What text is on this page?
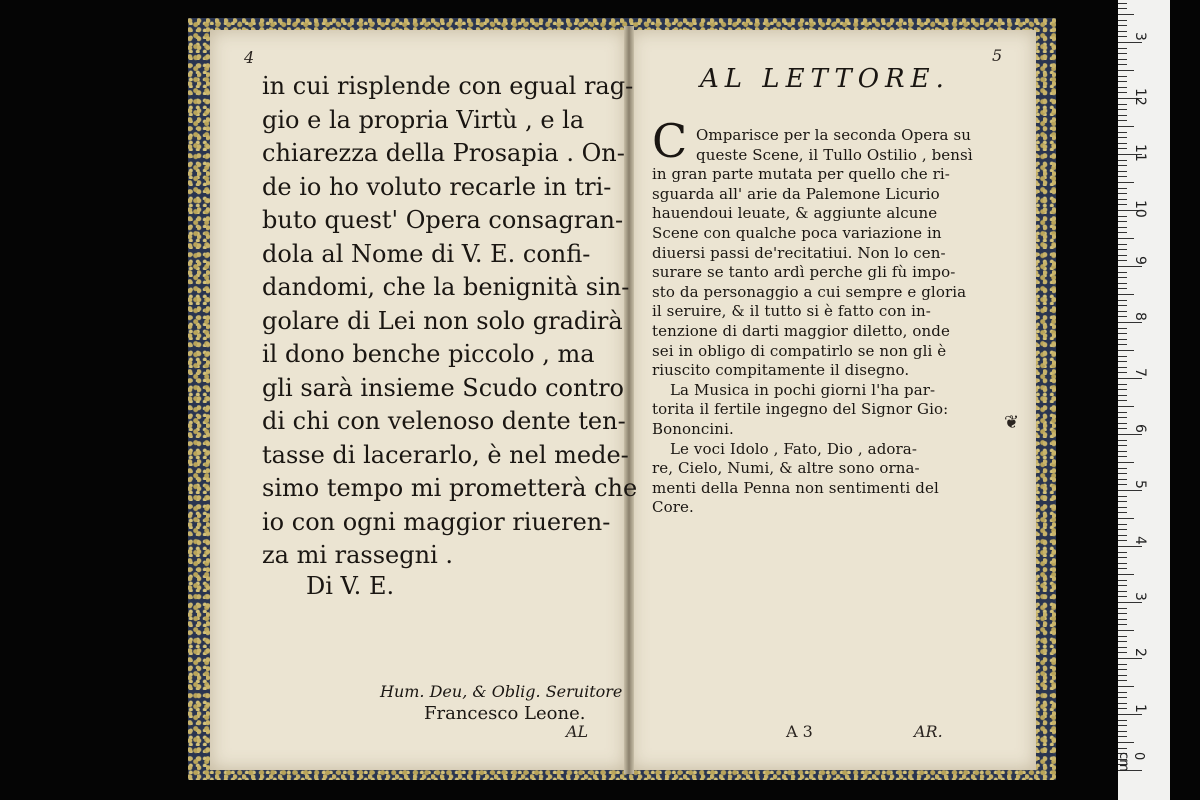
4
in cui risplende con egual rag-
gio e la propria Virtù , e la
chiarezza della Prosapia . On-
de io ho voluto recarle in tri-
buto quest' Opera consagran-
dola al Nome di V. E. confi-
dandomi, che la benignità sin-
golare di Lei non solo gradirà
il dono benche piccolo , ma
gli sarà insieme Scudo contro
di chi con velenoso dente ten-
tasse di lacerarlo, è nel mede-
simo tempo mi prometterà che
io con ogni maggior riueren-
za mi rassegni .
Di V. E.
Hum. Deu, & Oblig. Seruitore
Francesco Leone.
AL
5
AL LETTORE.
C Omparisce per la seconda Opera su
queste Scene, il Tullo Ostilio , bensì
in gran parte mutata per quello che ri-
sguarda all' arie da Palemone Licurio
hauendoui leuate, & aggiunte alcune
Scene con qualche poca variazione in
diuersi passi de'recitatiui. Non lo cen-
surare se tanto ardì perche gli fù impo-
sto da personaggio a cui sempre e gloria
il seruire, & il tutto si è fatto con in-
tenzione di darti maggior diletto, onde
sei in obligo di compatirlo se non gli è
riuscito compitamente il disegno.
La Musica in pochi giorni l'ha par-
torita il fertile ingegno del Signor Gio:
Bononcini.
Le voci Idolo , Fato, Dio , adora-
re, Cielo, Numi, & altre sono orna-
menti della Penna non sentimenti del
Core.
❦
A 3	AR.
3
12
11
10
9
8
7
6
5
4
3
2
1
0 cm
